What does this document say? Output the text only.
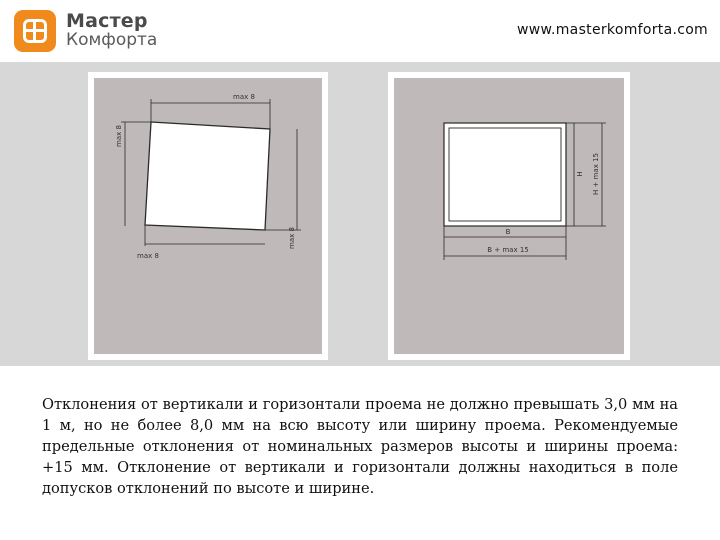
Мастер
Комфорта	www.masterkomforta.com
max 8
max 8
max 8
max 8
H H + max 15
B
B + max 15

Отклонения от вертикали и горизонтали проема не должно превышать 3,0 мм на 1 м, но не более 8,0 мм на всю высоту или ширину проема. Рекомендуемые предельные отклонения от номинальных размеров высоты и ширины проема: +15 мм. Отклонение от вертикали и горизонтали должны находиться в поле допусков отклонений по высоте и ширине.
